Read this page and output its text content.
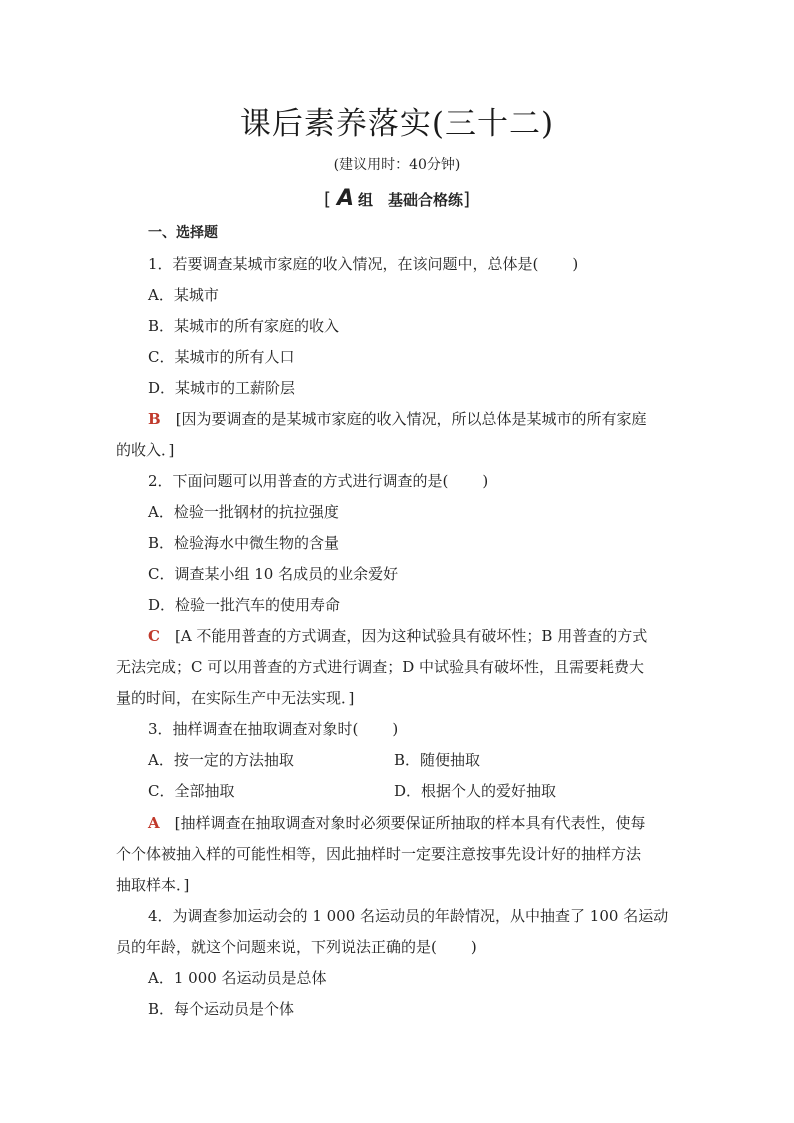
课后素养落实(三十二)
(建议用时：40分钟)
[ A 组　基础合格练]
一、选择题
1．若要调查某城市家庭的收入情况，在该问题中，总体是( )
A．某城市
B．某城市的所有家庭的收入
C．某城市的所有人口
D．某城市的工薪阶层
B　 [因为要调查的是某城市家庭的收入情况，所以总体是某城市的所有家庭
的收入．]
2．下面问题可以用普查的方式进行调查的是( )
A．检验一批钢材的抗拉强度
B．检验海水中微生物的含量
C．调查某小组 10 名成员的业余爱好
D．检验一批汽车的使用寿命
C　 [A 不能用普查的方式调查，因为这种试验具有破坏性；B 用普查的方式
无法完成；C 可以用普查的方式进行调查；D 中试验具有破坏性，且需要耗费大
量的时间，在实际生产中无法实现．]
3．抽样调查在抽取调查对象时( )
A．按一定的方法抽取	B．随便抽取
C．全部抽取	D．根据个人的爱好抽取
A　 [抽样调查在抽取调查对象时必须要保证所抽取的样本具有代表性，使每
个个体被抽入样的可能性相等，因此抽样时一定要注意按事先设计好的抽样方法
抽取样本．]
4．为调查参加运动会的 1 000 名运动员的年龄情况，从中抽查了 100 名运动
员的年龄，就这个问题来说，下列说法正确的是( )
A．1 000 名运动员是总体
B．每个运动员是个体
